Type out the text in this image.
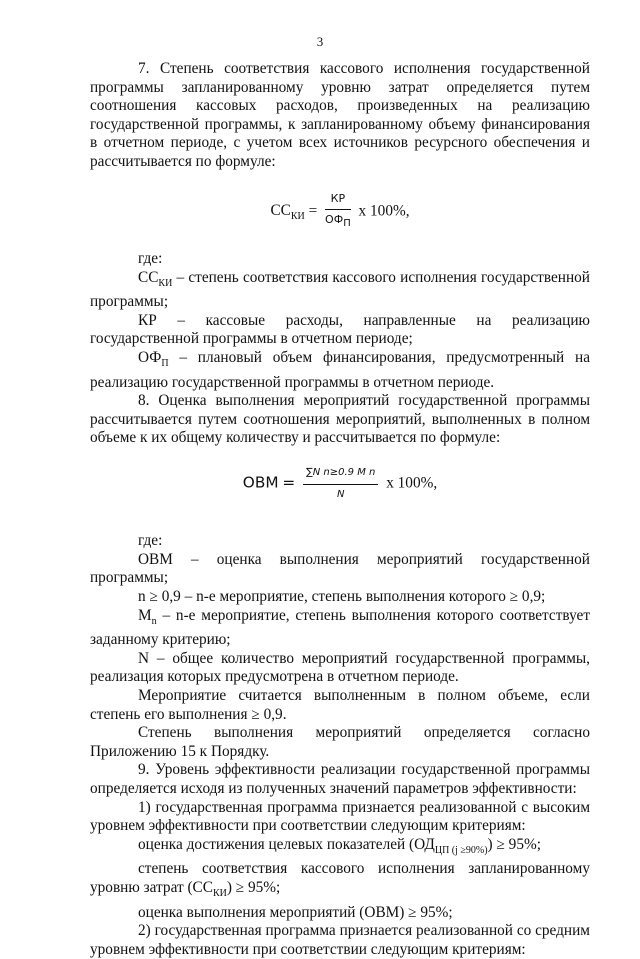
3

7. Степень соответствия кассового исполнения государственной программы запланированному уровню затрат определяется путем соотношения кассовых расходов, произведенных на реализацию государственной программы, к запланированному объему финансирования в отчетном периоде, с учетом всех источников ресурсного обеспечения и рассчитывается по формуле:

$СС_{КИ} = \frac{КР}{ОФ_П}$ х 100%,

где:

$СС_{КИ}$ – степень соответствия кассового исполнения государственной программы;

КР – кассовые расходы, направленные на реализацию государственной программы в отчетном периоде;

$ОФ_П$ – плановый объем финансирования, предусмотренный на реализацию государственной программы в отчетном периоде.

8. Оценка выполнения мероприятий государственной программы рассчитывается путем соотношения мероприятий, выполненных в полном объеме к их общему количеству и рассчитывается по формуле:

ОВМ = $\frac{\text{∑N n≥0.9 M n}}{N}$ х 100%,

где:

ОВМ – оценка выполнения мероприятий государственной программы;

n ≥ 0,9 – n-е мероприятие, степень выполнения которого ≥ 0,9;

$M_n - n-е$ мероприятие, степень выполнения которого соответствует заданному критерию;

N – общее количество мероприятий государственной программы, реализация которых предусмотрена в отчетном периоде.

Мероприятие считается выполненным в полном объеме, если степень его выполнения ≥ 0,9.

Степень выполнения мероприятий определяется согласно Приложению 15 к Порядку.

9. Уровень эффективности реализации государственной программы определяется исходя из полученных значений параметров эффективности:

1) государственная программа признается реализованной с высоким уровнем эффективности при соответствии следующим критериям:

оценка достижения целевых показателей $(ОД_{ЦП (j \ge 90\%)}) \ge 95\%$;

степень соответствия кассового исполнения запланированному уровню затрат $(СС_{КИ}) \ge 95\%$;

оценка выполнения мероприятий (ОВМ) ≥ 95%;

2) государственная программа признается реализованной со средним уровнем эффективности при соответствии следующим критериям:
